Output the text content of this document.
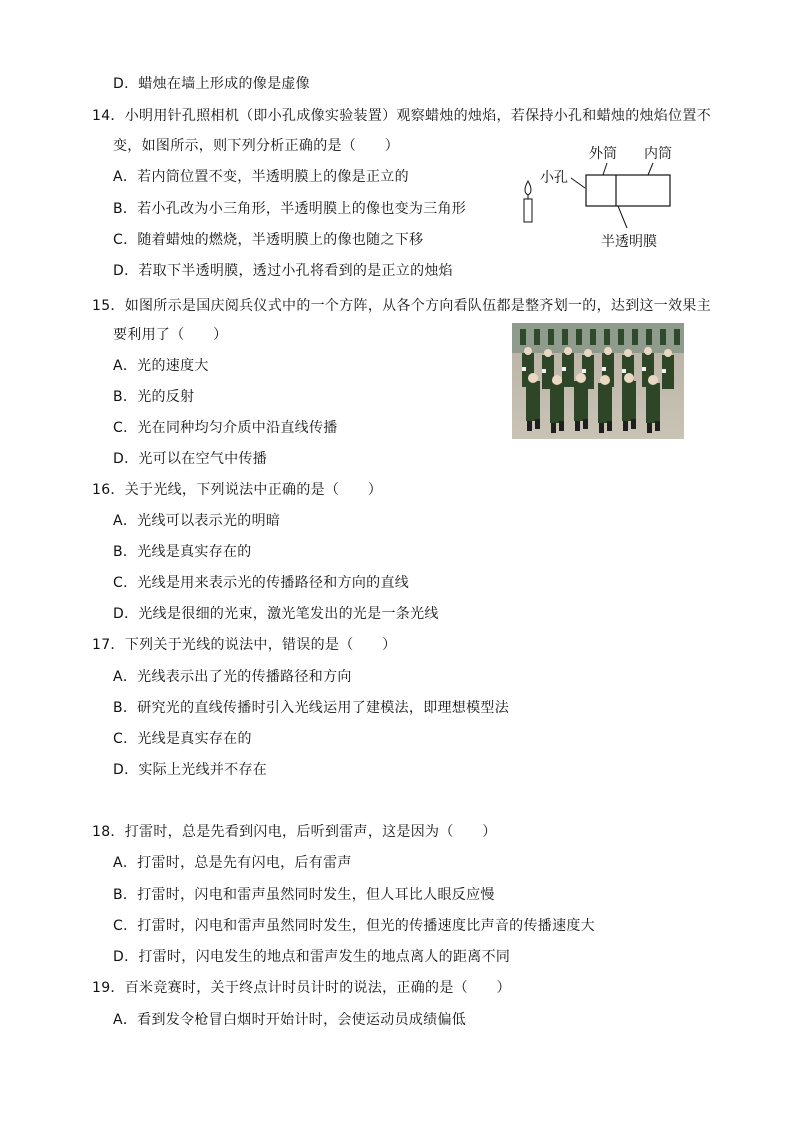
D．蜡烛在墙上形成的像是虚像
14．小明用针孔照相机（即小孔成像实验装置）观察蜡烛的烛焰，若保持小孔和蜡烛的烛焰位置不
变，如图所示，则下列分析正确的是（　　）
A．若内筒位置不变，半透明膜上的像是正立的
B．若小孔改为小三角形，半透明膜上的像也变为三角形
C．随着蜡烛的燃烧，半透明膜上的像也随之下移
D．若取下半透明膜，透过小孔将看到的是正立的烛焰
外筒 内筒
小孔
半透明膜
15．如图所示是国庆阅兵仪式中的一个方阵，从各个方向看队伍都是整齐划一的，达到这一效果主
要利用了（　　）
A．光的速度大
B．光的反射
C．光在同种均匀介质中沿直线传播
D．光可以在空气中传播
16．关于光线，下列说法中正确的是（　　）
A．光线可以表示光的明暗
B．光线是真实存在的
C．光线是用来表示光的传播路径和方向的直线
D．光线是很细的光束，激光笔发出的光是一条光线
17．下列关于光线的说法中，错误的是（　　）
A．光线表示出了光的传播路径和方向
B．研究光的直线传播时引入光线运用了建模法，即理想模型法
C．光线是真实存在的
D．实际上光线并不存在
18．打雷时，总是先看到闪电，后听到雷声，这是因为（　　）
A．打雷时，总是先有闪电，后有雷声
B．打雷时，闪电和雷声虽然同时发生，但人耳比人眼反应慢
C．打雷时，闪电和雷声虽然同时发生，但光的传播速度比声音的传播速度大
D．打雷时，闪电发生的地点和雷声发生的地点离人的距离不同
19．百米竞赛时，关于终点计时员计时的说法，正确的是（　　）
A．看到发令枪冒白烟时开始计时，会使运动员成绩偏低
